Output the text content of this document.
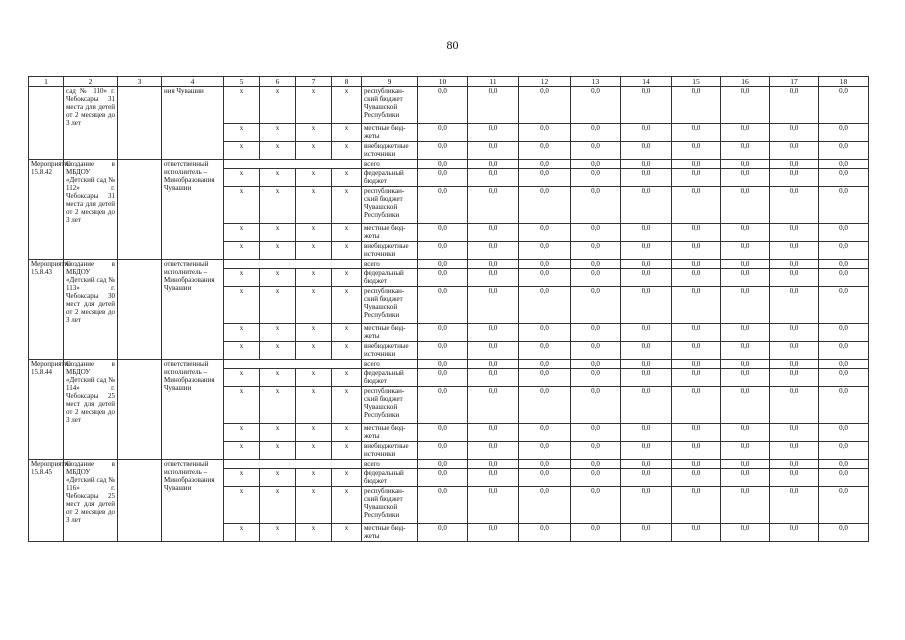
80
1	2	3	4	5	6	7	8	9	10	11	12	13	14	15	16	17	18
	сад № 110» г. Чебоксары 31 места для детей от 2 месяцев до 3 лет		ния Чувашии	x	x	x	x	республикан-ский бюджет Чувашской Республики	0,0	0,0	0,0	0,0	0,0	0,0	0,0	0,0	0,0
				x	x	x	x	местные бюд-жеты	0,0	0,0	0,0	0,0	0,0	0,0	0,0	0,0	0,0
				x	x	x	x	внебюджетные источники	0,0	0,0	0,0	0,0	0,0	0,0	0,0	0,0	0,0
Мероприятие 15.8.42	Создание в МБДОУ «Детский сад № 112» г. Чебоксары 31 места для детей от 2 месяцев до 3 лет		ответственный исполнитель – Минобразования Чувашии					всего	0,0	0,0	0,0	0,0	0,0	0,0	0,0	0,0	0,0
				x	x	x	x	федеральный бюджет	0,0	0,0	0,0	0,0	0,0	0,0	0,0	0,0	0,0
				x	x	x	x	республикан-ский бюджет Чувашской Республики	0,0	0,0	0,0	0,0	0,0	0,0	0,0	0,0	0,0
				x	x	x	x	местные бюд-жеты	0,0	0,0	0,0	0,0	0,0	0,0	0,0	0,0	0,0
				x	x	x	x	внебюджетные источники	0,0	0,0	0,0	0,0	0,0	0,0	0,0	0,0	0,0
Мероприятие 15.8.43	Создание в МБДОУ «Детский сад № 113» г. Чебоксары 30 мест для детей от 2 месяцев до 3 лет		ответственный исполнитель – Минобразования Чувашии					всего	0,0	0,0	0,0	0,0	0,0	0,0	0,0	0,0	0,0
				x	x	x	x	федеральный бюджет	0,0	0,0	0,0	0,0	0,0	0,0	0,0	0,0	0,0
				x	x	x	x	республикан-ский бюджет Чувашской Республики	0,0	0,0	0,0	0,0	0,0	0,0	0,0	0,0	0,0
				x	x	x	x	местные бюд-жеты	0,0	0,0	0,0	0,0	0,0	0,0	0,0	0,0	0,0
				x	x	x	x	внебюджетные источники	0,0	0,0	0,0	0,0	0,0	0,0	0,0	0,0	0,0
Мероприятие 15.8.44	Создание в МБДОУ «Детский сад № 114» г. Чебоксары 25 мест для детей от 2 месяцев до 3 лет		ответственный исполнитель – Минобразования Чувашии					всего	0,0	0,0	0,0	0,0	0,0	0,0	0,0	0,0	0,0
				x	x	x	x	федеральный бюджет	0,0	0,0	0,0	0,0	0,0	0,0	0,0	0,0	0,0
				x	x	x	x	республикан-ский бюджет Чувашской Республики	0,0	0,0	0,0	0,0	0,0	0,0	0,0	0,0	0,0
				x	x	x	x	местные бюд-жеты	0,0	0,0	0,0	0,0	0,0	0,0	0,0	0,0	0,0
				x	x	x	x	внебюджетные источники	0,0	0,0	0,0	0,0	0,0	0,0	0,0	0,0	0,0
Мероприятие 15.8.45	Создание в МБДОУ «Детский сад № 116» г. Чебоксары 25 мест для детей от 2 месяцев до 3 лет		ответственный исполнитель – Минобразования Чувашии					всего	0,0	0,0	0,0	0,0	0,0	0,0	0,0	0,0	0,0
				x	x	x	x	федеральный бюджет	0,0	0,0	0,0	0,0	0,0	0,0	0,0	0,0	0,0
				x	x	x	x	республикан-ский бюджет Чувашской Республики	0,0	0,0	0,0	0,0	0,0	0,0	0,0	0,0	0,0
				x	x	x	x	местные бюд-жеты	0,0	0,0	0,0	0,0	0,0	0,0	0,0	0,0	0,0
